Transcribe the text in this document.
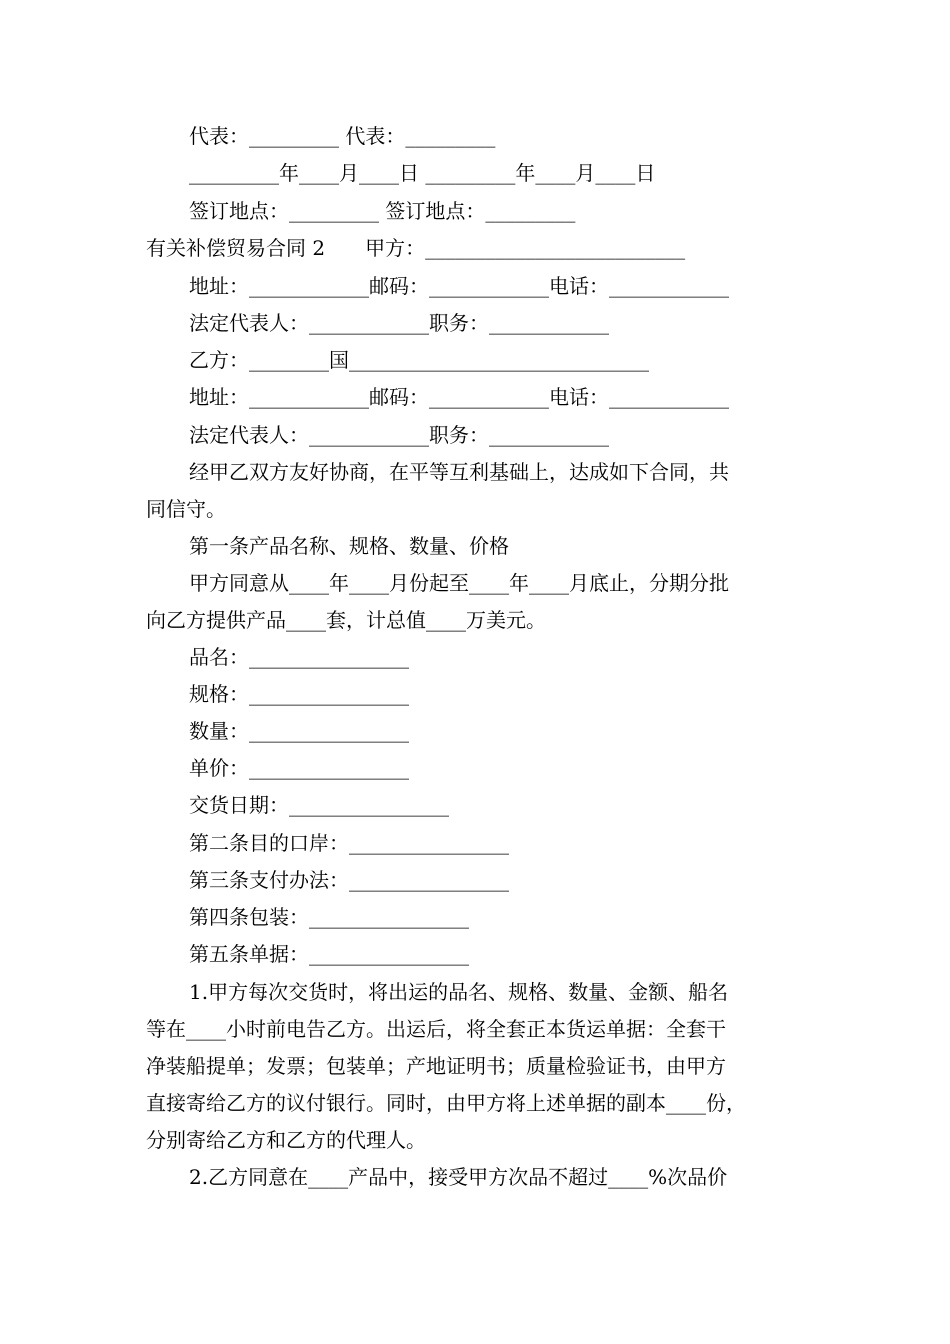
代表：_________ 代表：_________
_________年____月____日 _________年____月____日
签订地点：_________ 签订地点：_________
有关补偿贸易合同 2 甲方：__________________________
地址：____________邮码：____________电话：____________
法定代表人：____________职务：____________
乙方：________国______________________________
地址：____________邮码：____________电话：____________
法定代表人：____________职务：____________
经甲乙双方友好协商，在平等互利基础上，达成如下合同，共
同信守。
第一条产品名称、规格、数量、价格
甲方同意从____年____月份起至____年____月底止，分期分批
向乙方提供产品____套，计总值____万美元。
品名：________________
规格：________________
数量：________________
单价：________________
交货日期：________________
第二条目的口岸：________________
第三条支付办法：________________
第四条包装：________________
第五条单据：________________
1.甲方每次交货时，将出运的品名、规格、数量、金额、船名
等在____小时前电告乙方。出运后，将全套正本货运单据：全套干
净装船提单；发票；包装单；产地证明书；质量检验证书，由甲方
直接寄给乙方的议付银行。同时，由甲方将上述单据的副本____份，
分别寄给乙方和乙方的代理人。
2.乙方同意在____产品中，接受甲方次品不超过____%次品价
